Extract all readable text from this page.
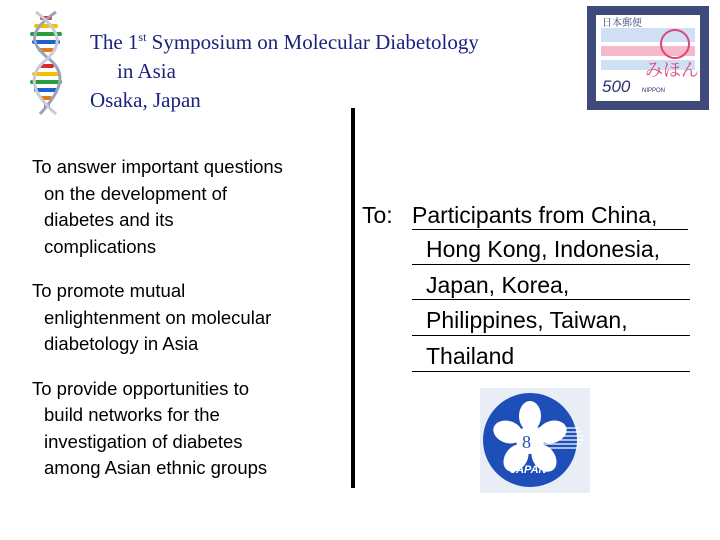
The 1st Symposium on Molecular Diabetology
in Asia
Osaka, Japan
日本郵便
みほん
500 NIPPON
To answer important questions
on the development of
diabetes and its
complications
To promote mutual
enlightenment on molecular
diabetology in Asia
To provide opportunities to
build networks for the
investigation of diabetes
among Asian ethnic groups
To: Participants from China,
Hong Kong, Indonesia,
Japan, Korea,
Philippines, Taiwan,
Thailand
8
JAPAN
